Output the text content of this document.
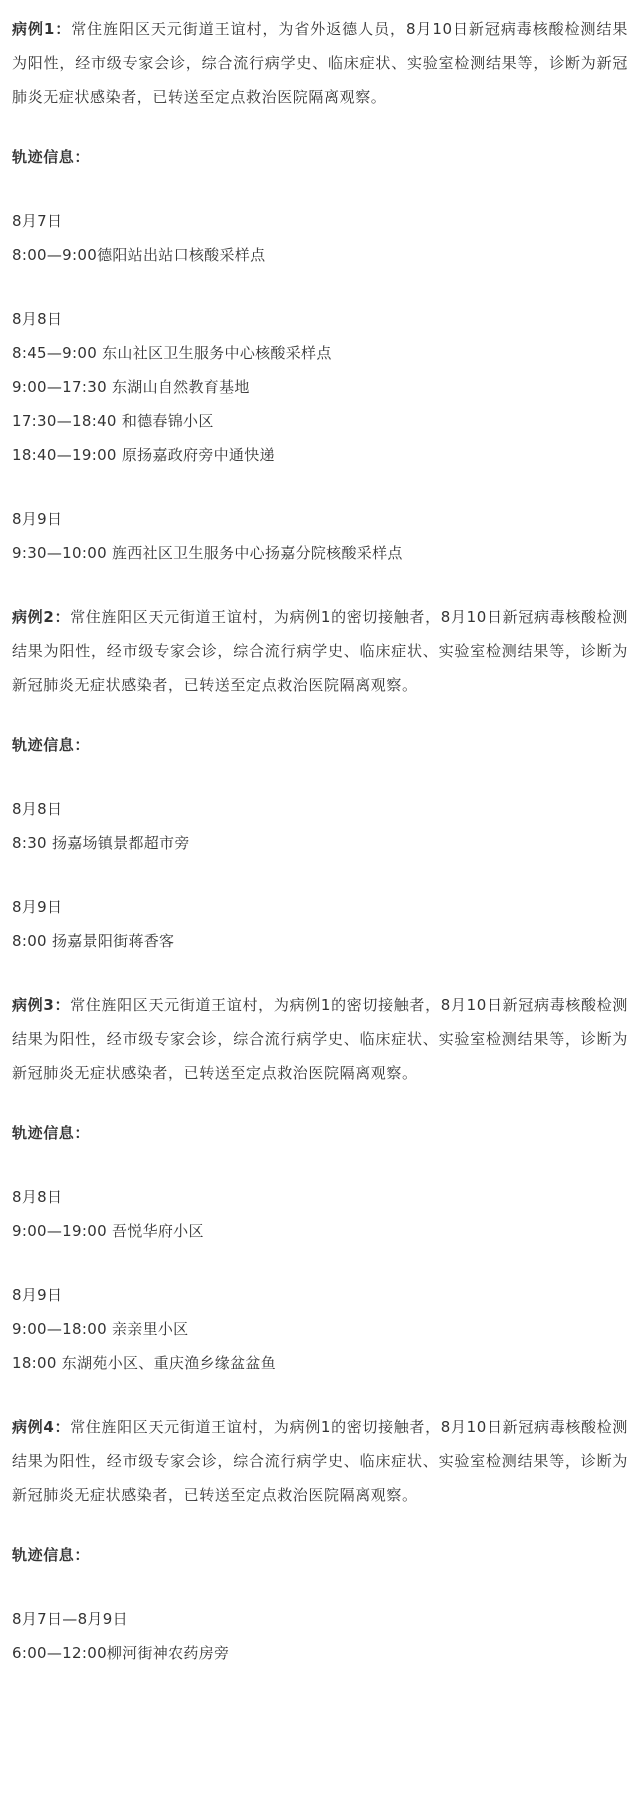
病例1：常住旌阳区天元街道王谊村，为省外返德人员，8月10日新冠病毒核酸检测结果为阳性，经市级专家会诊，综合流行病学史、临床症状、实验室检测结果等，诊断为新冠肺炎无症状感染者，已转送至定点救治医院隔离观察。

轨迹信息：
8月7日
8:00—9:00德阳站出站口核酸采样点
8月8日
8:45—9:00 东山社区卫生服务中心核酸采样点
9:00—17:30 东湖山自然教育基地
17:30—18:40 和德春锦小区
18:40—19:00 原扬嘉政府旁中通快递
8月9日
9:30—10:00 旌西社区卫生服务中心扬嘉分院核酸采样点

病例2：常住旌阳区天元街道王谊村，为病例1的密切接触者，8月10日新冠病毒核酸检测结果为阳性，经市级专家会诊，综合流行病学史、临床症状、实验室检测结果等，诊断为新冠肺炎无症状感染者，已转送至定点救治医院隔离观察。

轨迹信息：
8月8日
8:30 扬嘉场镇景都超市旁
8月9日
8:00 扬嘉景阳街蒋香客

病例3：常住旌阳区天元街道王谊村，为病例1的密切接触者，8月10日新冠病毒核酸检测结果为阳性，经市级专家会诊，综合流行病学史、临床症状、实验室检测结果等，诊断为新冠肺炎无症状感染者，已转送至定点救治医院隔离观察。

轨迹信息：
8月8日
9:00—19:00 吾悦华府小区
8月9日
9:00—18:00 亲亲里小区
18:00 东湖苑小区、重庆渔乡缘盆盆鱼

病例4：常住旌阳区天元街道王谊村，为病例1的密切接触者，8月10日新冠病毒核酸检测结果为阳性，经市级专家会诊，综合流行病学史、临床症状、实验室检测结果等，诊断为新冠肺炎无症状感染者，已转送至定点救治医院隔离观察。

轨迹信息：
8月7日—8月9日
6:00—12:00柳河街神农药房旁
